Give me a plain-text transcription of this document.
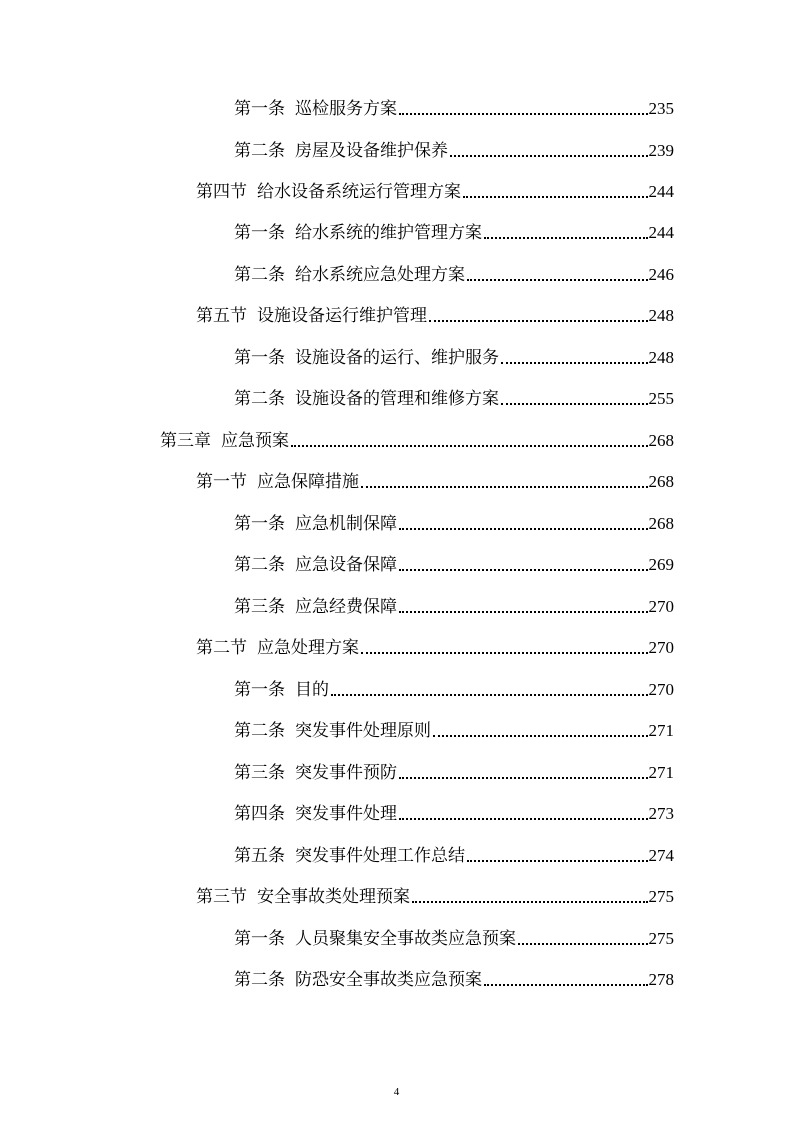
第一条 巡检服务方案	235
第二条 房屋及设备维护保养	239
第四节 给水设备系统运行管理方案	244
第一条 给水系统的维护管理方案	244
第二条 给水系统应急处理方案	246
第五节 设施设备运行维护管理	248
第一条 设施设备的运行、维护服务	248
第二条 设施设备的管理和维修方案	255
第三章 应急预案	268
第一节 应急保障措施	268
第一条 应急机制保障	268
第二条 应急设备保障	269
第三条 应急经费保障	270
第二节 应急处理方案	270
第一条 目的	270
第二条 突发事件处理原则	271
第三条 突发事件预防	271
第四条 突发事件处理	273
第五条 突发事件处理工作总结	274
第三节 安全事故类处理预案	275
第一条 人员聚集安全事故类应急预案	275
第二条 防恐安全事故类应急预案	278
4
